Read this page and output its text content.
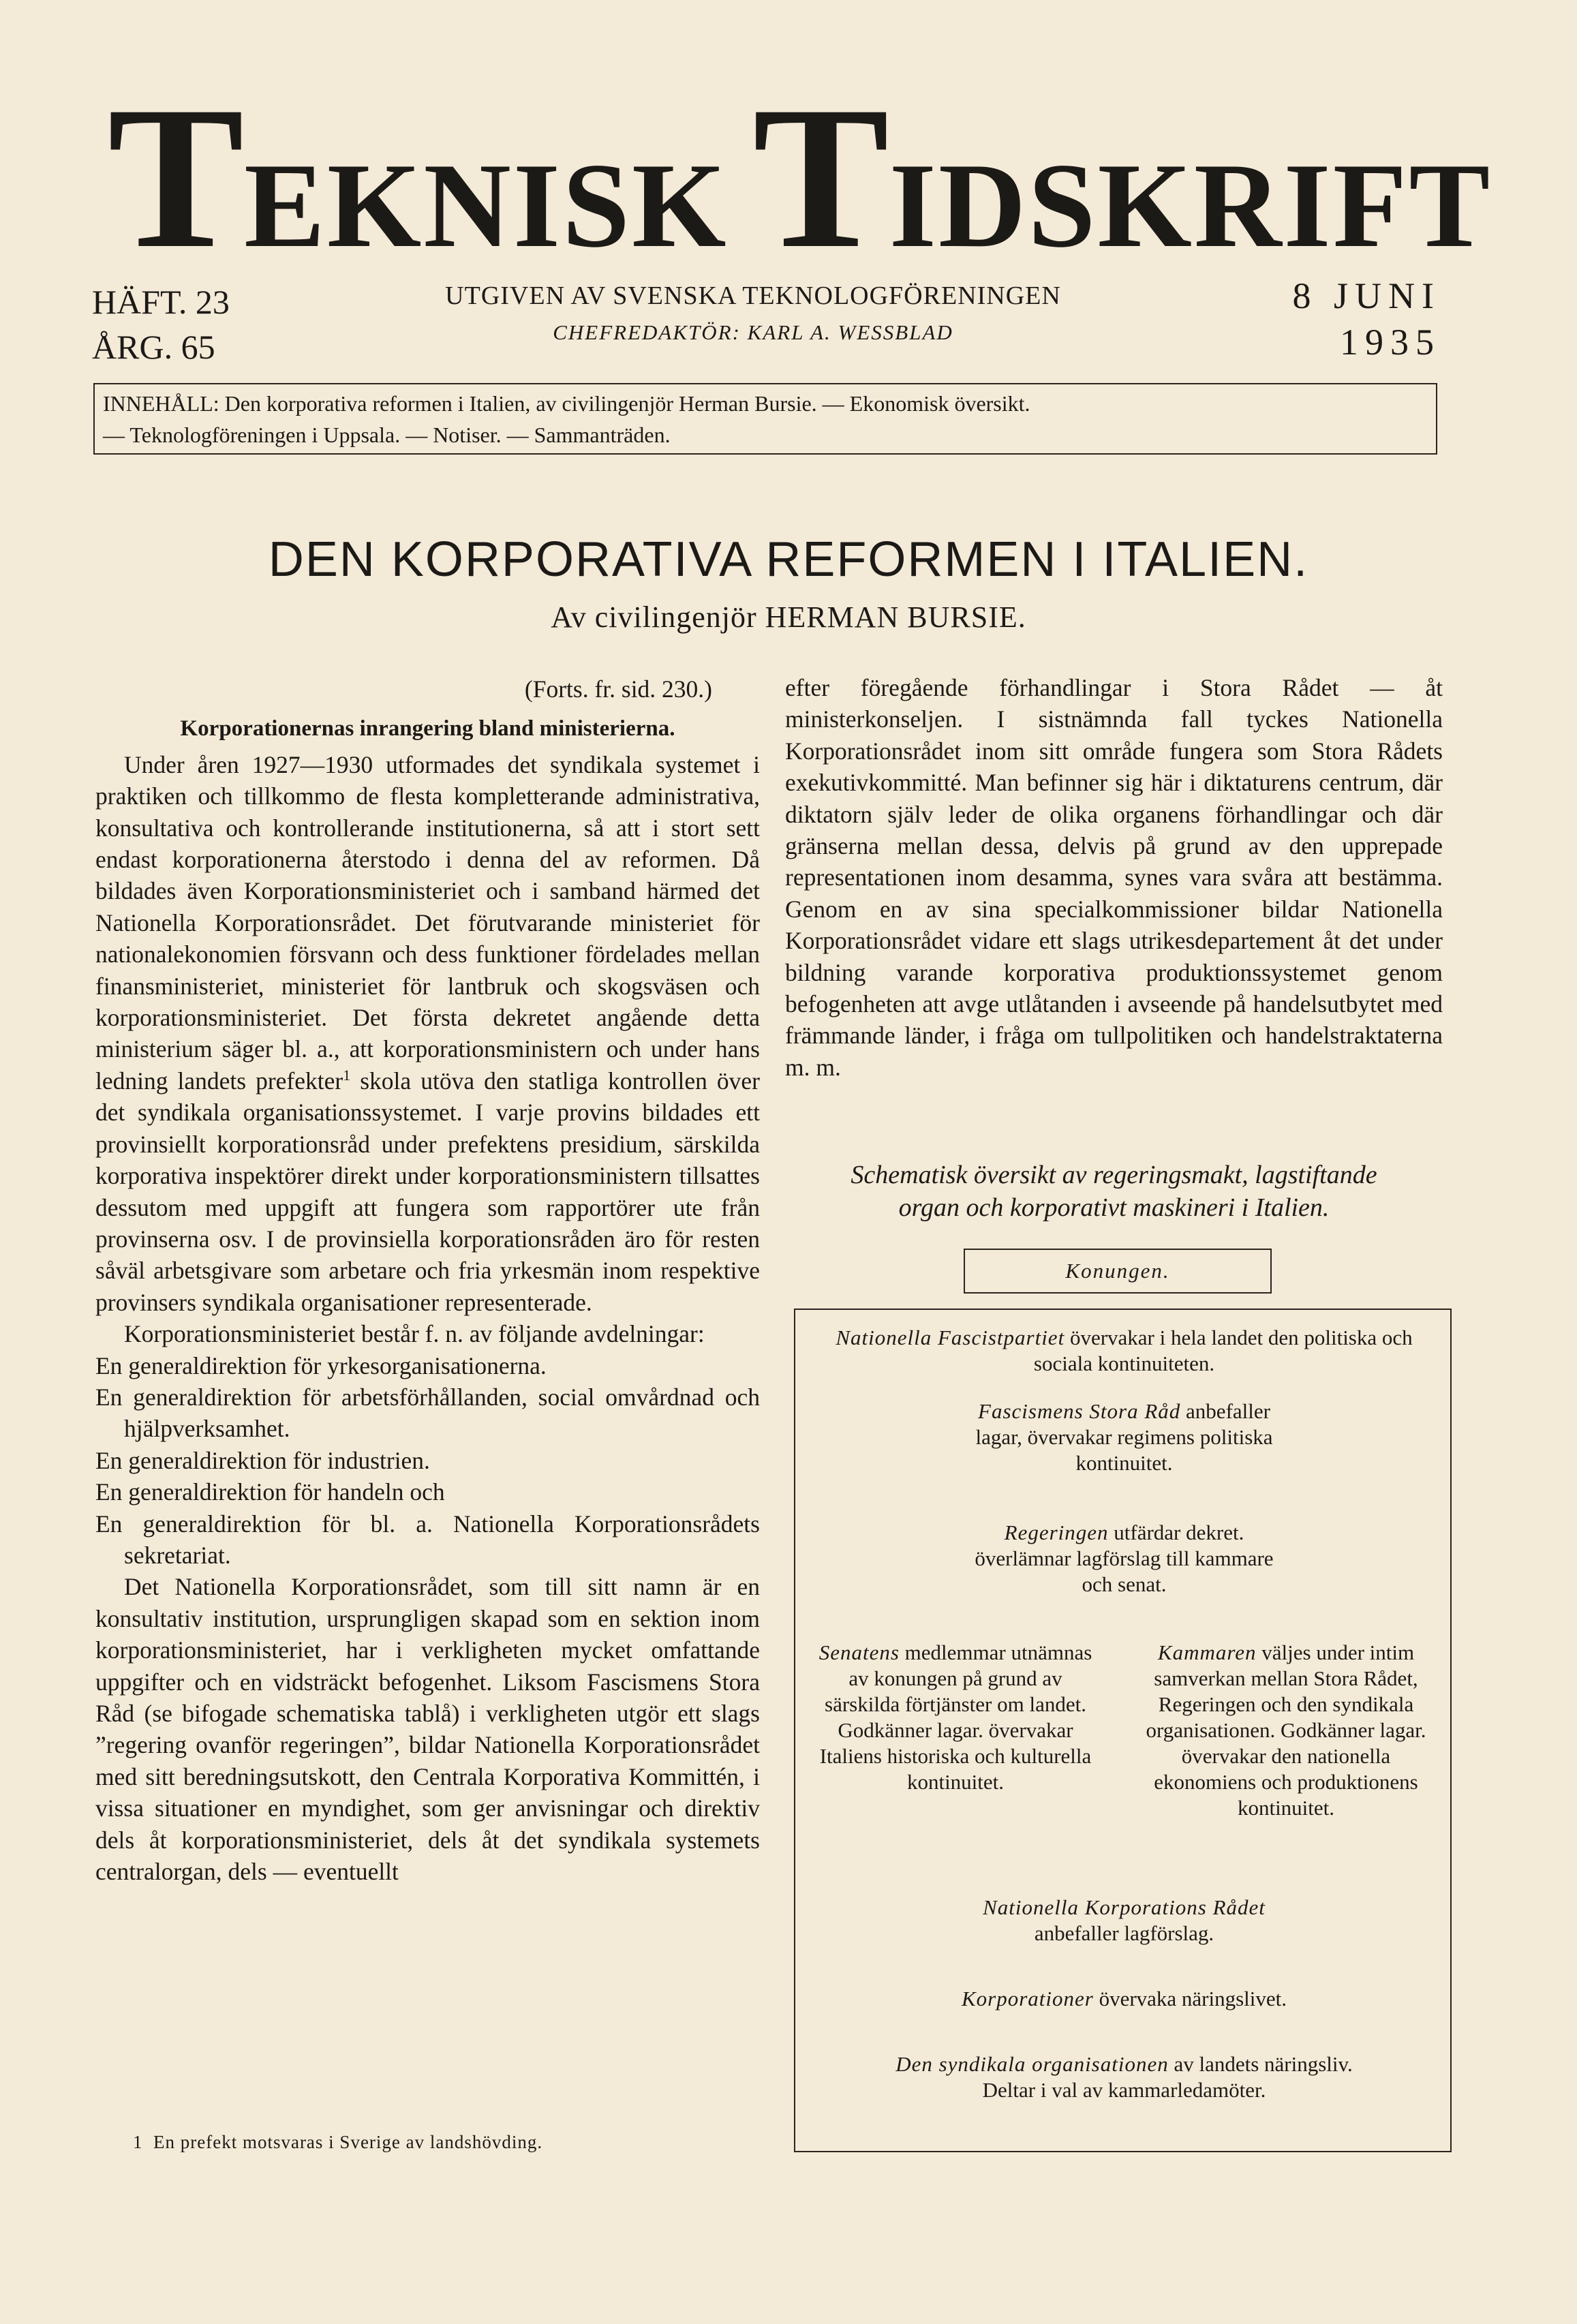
TEKNISK TIDSKRIFT
HÄFT. 23
ÅRG. 65
UTGIVEN AV SVENSKA TEKNOLOGFÖRENINGEN
CHEFREDAKTÖR: KARL A. WESSBLAD
8 JUNI
1935
INNEHÅLL: Den korporativa reformen i Italien, av civilingenjör Herman Bursie. — Ekonomisk översikt.
— Teknologföreningen i Uppsala. — Notiser. — Sammanträden.
DEN KORPORATIVA REFORMEN I ITALIEN.
Av civilingenjör HERMAN BURSIE.

(Forts. fr. sid. 230.)

Korporationernas inrangering bland ministerierna.

Under åren 1927—1930 utformades det syndikala systemet i praktiken och tillkommo de flesta kompletterande administrativa, konsultativa och kontrollerande institutionerna, så att i stort sett endast korporationerna återstodo i denna del av reformen. Då bildades även Korporationsministeriet och i samband härmed det Nationella Korporationsrådet. Det förutvarande ministeriet för nationalekonomien försvann och dess funktioner fördelades mellan finansministeriet, ministeriet för lantbruk och skogsväsen och korporationsministeriet. Det första dekretet angående detta ministerium säger bl. a., att korporationsministern och under hans ledning landets prefekter$^1$ skola utöva den statliga kontrollen över det syndikala organisationssystemet. I varje provins bildades ett provinsiellt korporationsråd under prefektens presidium, särskilda korporativa inspektörer direkt under korporationsministern tillsattes dessutom med uppgift att fungera som rapportörer ute från provinserna osv. I de provinsiella korporationsråden äro för resten såväl arbetsgivare som arbetare och fria yrkesmän inom respektive provinsers syndikala organisationer representerade.

Korporationsministeriet består f. n. av följande avdelningar:

En generaldirektion för yrkesorganisationerna.

En generaldirektion för arbetsförhållanden, social omvårdnad och hjälpverksamhet.

En generaldirektion för industrien.

En generaldirektion för handeln och

En generaldirektion för bl. a. Nationella Korporationsrådets sekretariat.

Det Nationella Korporationsrådet, som till sitt namn är en konsultativ institution, ursprungligen skapad som en sektion inom korporationsministeriet, har i verkligheten mycket omfattande uppgifter och en vidsträckt befogenhet. Liksom Fascismens Stora Råd (se bifogade schematiska tablå) i verkligheten utgör ett slags ”regering ovanför regeringen”, bildar Nationella Korporationsrådet med sitt beredningsutskott, den Centrala Korporativa Kommittén, i vissa situationer en myndighet, som ger anvisningar och direktiv dels åt korporationsministeriet, dels åt det syndikala systemets centralorgan, dels — eventuellt

1 En prefekt motsvaras i Sverige av landshövding.

efter föregående förhandlingar i Stora Rådet — åt ministerkonseljen. I sistnämnda fall tyckes Nationella Korporationsrådet inom sitt område fungera som Stora Rådets exekutivkommitté. Man befinner sig här i diktaturens centrum, där diktatorn själv leder de olika organens förhandlingar och där gränserna mellan dessa, delvis på grund av den upprepade representationen inom desamma, synes vara svåra att bestämma. Genom en av sina specialkommissioner bildar Nationella Korporationsrådet vidare ett slags utrikesdepartement åt det under bildning varande korporativa produktionssystemet genom befogenheten att avge utlåtanden i avseende på handelsutbytet med främmande länder, i fråga om tullpolitiken och handelstraktaterna m. m.

Schematisk översikt av regeringsmakt, lagstiftande
organ och korporativt maskineri i Italien.
Konungen.
Nationella Fascistpartiet övervakar i hela landet den politiska och sociala kontinuiteten.
Fascismens Stora Råd anbefaller lagar, övervakar regimens politiska kontinuitet.
Regeringen utfärdar dekret. överlämnar lagförslag till kammare och senat.
Senatens medlemmar utnämnas av konungen på grund av särskilda förtjänster om landet. Godkänner lagar. övervakar Italiens historiska och kulturella kontinuitet.
Kammaren väljes under intim samverkan mellan Stora Rådet, Regeringen och den syndikala organisationen. Godkänner lagar. övervakar den nationella ekonomiens och produktionens kontinuitet.
Nationella Korporations Rådet anbefaller lagförslag.
Korporationer övervaka näringslivet.
Den syndikala organisationen av landets näringsliv. Deltar i val av kammarledamöter.
